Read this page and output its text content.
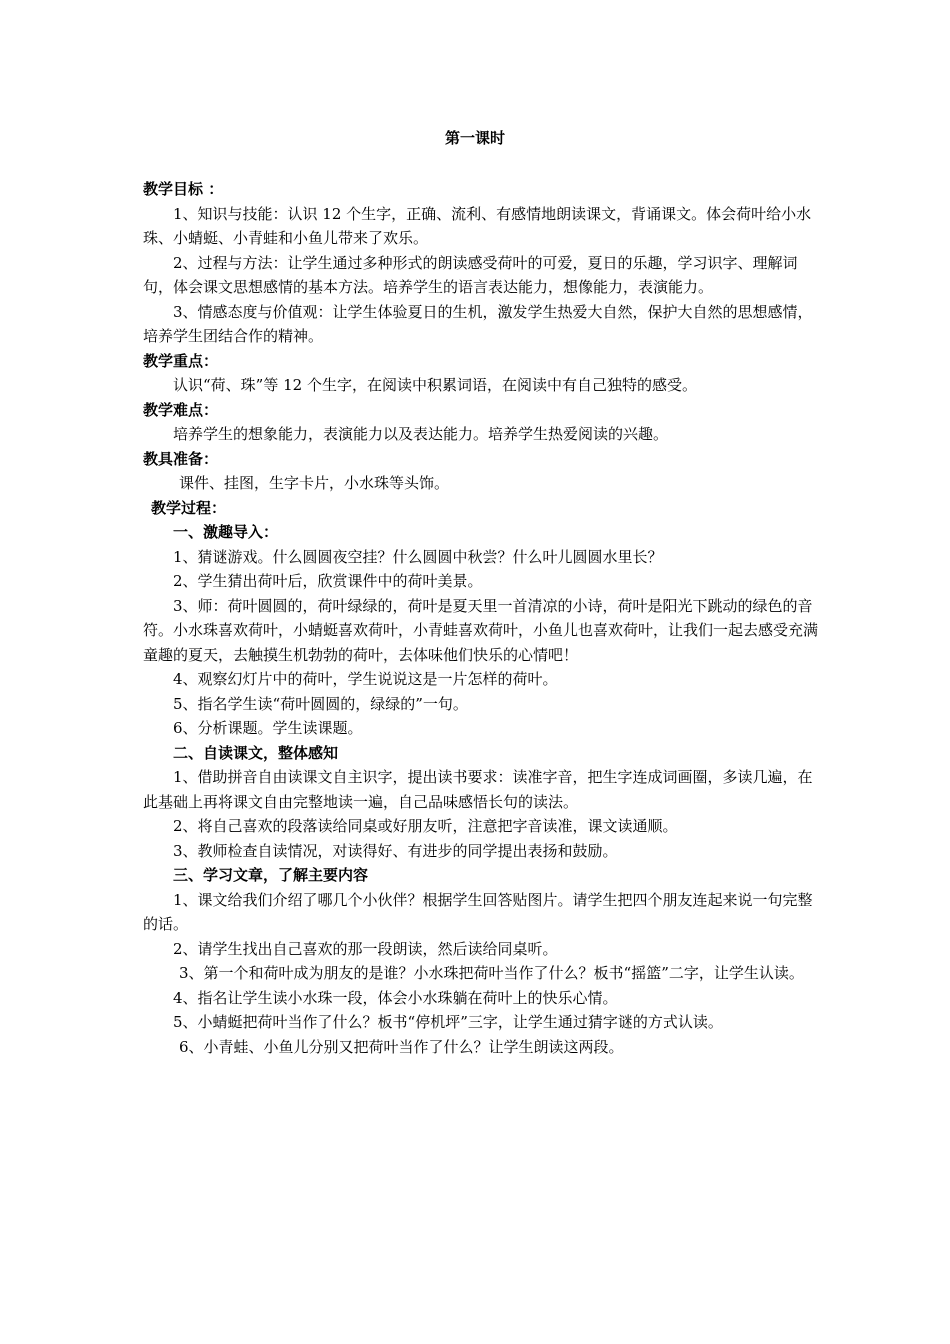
第一课时
教学目标 ：

1、知识与技能：认识 12 个生字，正确、流利、有感情地朗读课文，背诵课文。体会荷叶给小水珠、小蜻蜓、小青蛙和小鱼儿带来了欢乐。

2、过程与方法：让学生通过多种形式的朗读感受荷叶的可爱，夏日的乐趣，学习识字、理解词句，体会课文思想感情的基本方法。培养学生的语言表达能力，想像能力，表演能力。

3、情感态度与价值观：让学生体验夏日的生机，激发学生热爱大自然，保护大自然的思想感情，培养学生团结合作的精神。

教学重点：

认识“荷、珠”等 12 个生字，在阅读中积累词语，在阅读中有自己独特的感受。

教学难点：

培养学生的想象能力，表演能力以及表达能力。培养学生热爱阅读的兴趣。

教具准备：

课件、挂图，生字卡片，小水珠等头饰。

教学过程：
一、激趣导入：

1、猜谜游戏。什么圆圆夜空挂？什么圆圆中秋尝？什么叶儿圆圆水里长？

2、学生猜出荷叶后，欣赏课件中的荷叶美景。

3、师：荷叶圆圆的，荷叶绿绿的，荷叶是夏天里一首清凉的小诗，荷叶是阳光下跳动的绿色的音符。小水珠喜欢荷叶，小蜻蜓喜欢荷叶，小青蛙喜欢荷叶，小鱼儿也喜欢荷叶，让我们一起去感受充满童趣的夏天，去触摸生机勃勃的荷叶，去体味他们快乐的心情吧！

4、观察幻灯片中的荷叶，学生说说这是一片怎样的荷叶。

5、指名学生读“荷叶圆圆的，绿绿的”一句。

6、分析课题。学生读课题。

二、自读课文，整体感知

1、借助拼音自由读课文自主识字，提出读书要求：读准字音，把生字连成词画圈，多读几遍，在此基础上再将课文自由完整地读一遍，自己品味感悟长句的读法。

2、将自己喜欢的段落读给同桌或好朋友听，注意把字音读准，课文读通顺。

3、教师检查自读情况，对读得好、有进步的同学提出表扬和鼓励。

三、学习文章，了解主要内容

1、课文给我们介绍了哪几个小伙伴？根据学生回答贴图片。请学生把四个朋友连起来说一句完整的话。

2、请学生找出自己喜欢的那一段朗读，然后读给同桌听。

3、第一个和荷叶成为朋友的是谁？小水珠把荷叶当作了什么？板书“摇篮”二字，让学生认读。

4、指名让学生读小水珠一段，体会小水珠躺在荷叶上的快乐心情。

5、小蜻蜓把荷叶当作了什么？板书“停机坪”三字，让学生通过猜字谜的方式认读。

6、小青蛙、小鱼儿分别又把荷叶当作了什么？让学生朗读这两段。
